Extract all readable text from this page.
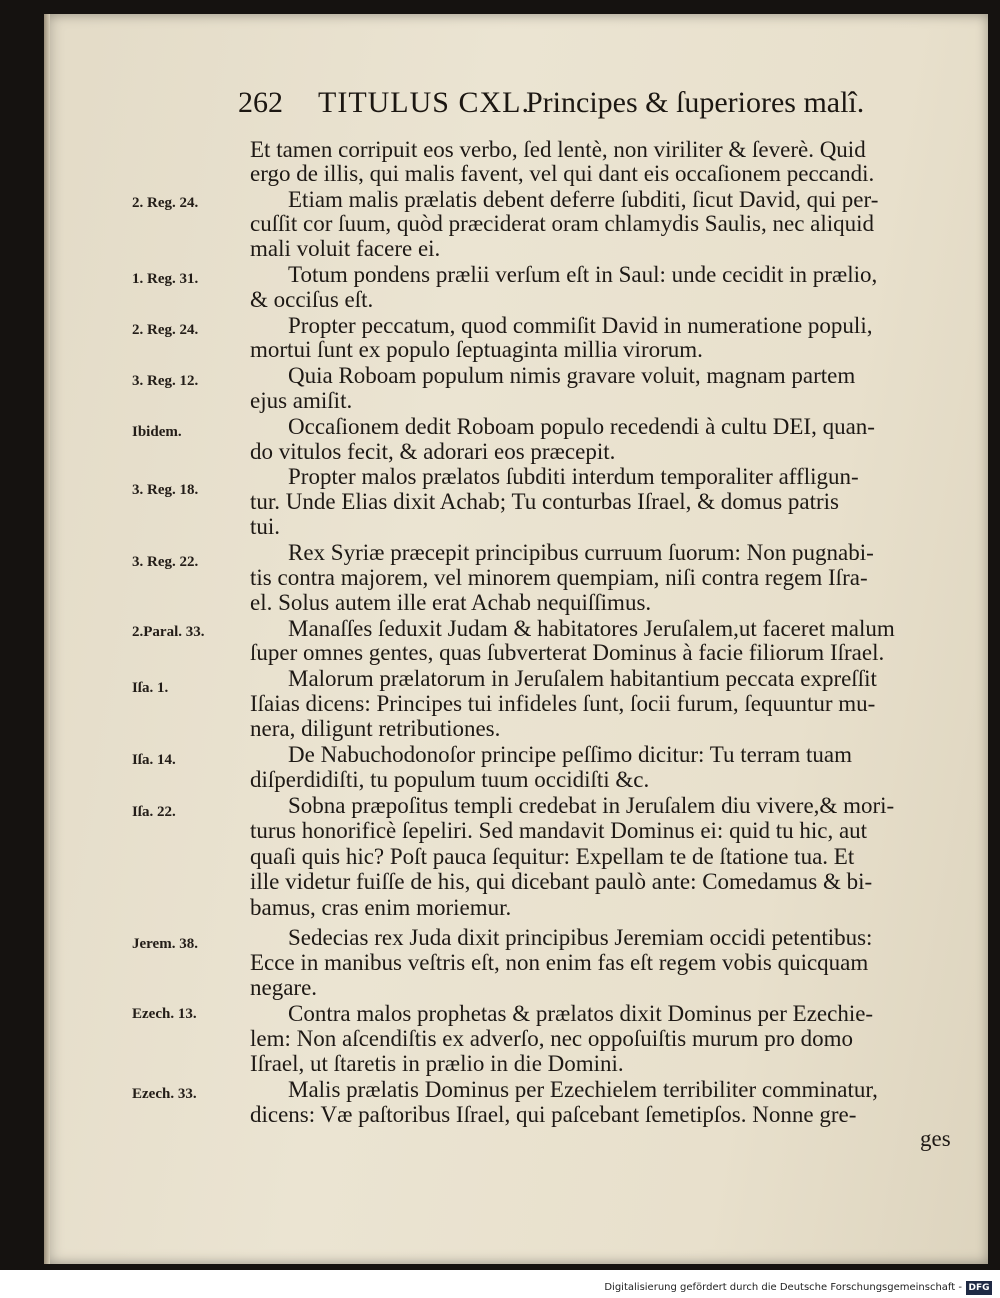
262 TITULUS CXL.
Principes & ſuperiores malî.
2. Reg. 24.
1. Reg. 31.
2. Reg. 24.
3. Reg. 12.
Ibidem.
3. Reg. 18.
3. Reg. 22.
2.Paral. 33.
Iſa. 1.
Iſa. 14.
Iſa. 22.
Jerem. 38.
Ezech. 13.
Ezech. 33.
Et tamen corripuit eos verbo, ſed lentè, non viriliter & ſeverè. Quid
ergo de illis, qui malis favent, vel qui dant eis occaſionem peccandi.
Etiam malis prælatis debent deferre ſubditi, ſicut David, qui per-
cuſſit cor ſuum, quòd præciderat oram chlamydis Saulis, nec aliquid
mali voluit facere ei.
Totum pondens prælii verſum eſt in Saul: unde cecidit in prælio,
& occiſus eſt.
Propter peccatum, quod commiſit David in numeratione populi,
mortui ſunt ex populo ſeptuaginta millia virorum.
Quia Roboam populum nimis gravare voluit, magnam partem
ejus amiſit.
Occaſionem dedit Roboam populo recedendi à cultu DEI, quan-
do vitulos fecit, & adorari eos præcepit.
Propter malos prælatos ſubditi interdum temporaliter affligun-
tur. Unde Elias dixit Achab; Tu conturbas Iſrael, & domus patris
tui.
Rex Syriæ præcepit principibus curruum ſuorum: Non pugnabi-
tis contra majorem, vel minorem quempiam, niſi contra regem Iſra-
el. Solus autem ille erat Achab nequiſſimus.
Manaſſes ſeduxit Judam & habitatores Jeruſalem,ut faceret malum
ſuper omnes gentes, quas ſubverterat Dominus à facie filiorum Iſrael.
Malorum prælatorum in Jeruſalem habitantium peccata expreſſit
Iſaias dicens: Principes tui infideles ſunt, ſocii furum, ſequuntur mu-
nera, diligunt retributiones.
De Nabuchodonoſor principe peſſimo dicitur: Tu terram tuam
diſperdidiſti, tu populum tuum occidiſti &c.
Sobna præpoſitus templi credebat in Jeruſalem diu vivere,& mori-
turus honorificè ſepeliri. Sed mandavit Dominus ei: quid tu hic, aut
quaſi quis hic? Poſt pauca ſequitur: Expellam te de ſtatione tua. Et
ille videtur fuiſſe de his, qui dicebant paulò ante: Comedamus & bi-
bamus, cras enim moriemur.
Sedecias rex Juda dixit principibus Jeremiam occidi petentibus:
Ecce in manibus veſtris eſt, non enim fas eſt regem vobis quicquam
negare.
Contra malos prophetas & prælatos dixit Dominus per Ezechie-
lem: Non aſcendiſtis ex adverſo, nec oppoſuiſtis murum pro domo
Iſrael, ut ſtaretis in prælio in die Domini.
Malis prælatis Dominus per Ezechielem terribiliter comminatur,
dicens: Væ paſtoribus Iſrael, qui paſcebant ſemetipſos. Nonne gre-
ges
Digitalisierung gefördert durch die Deutsche Forschungsgemeinschaft - DFG
